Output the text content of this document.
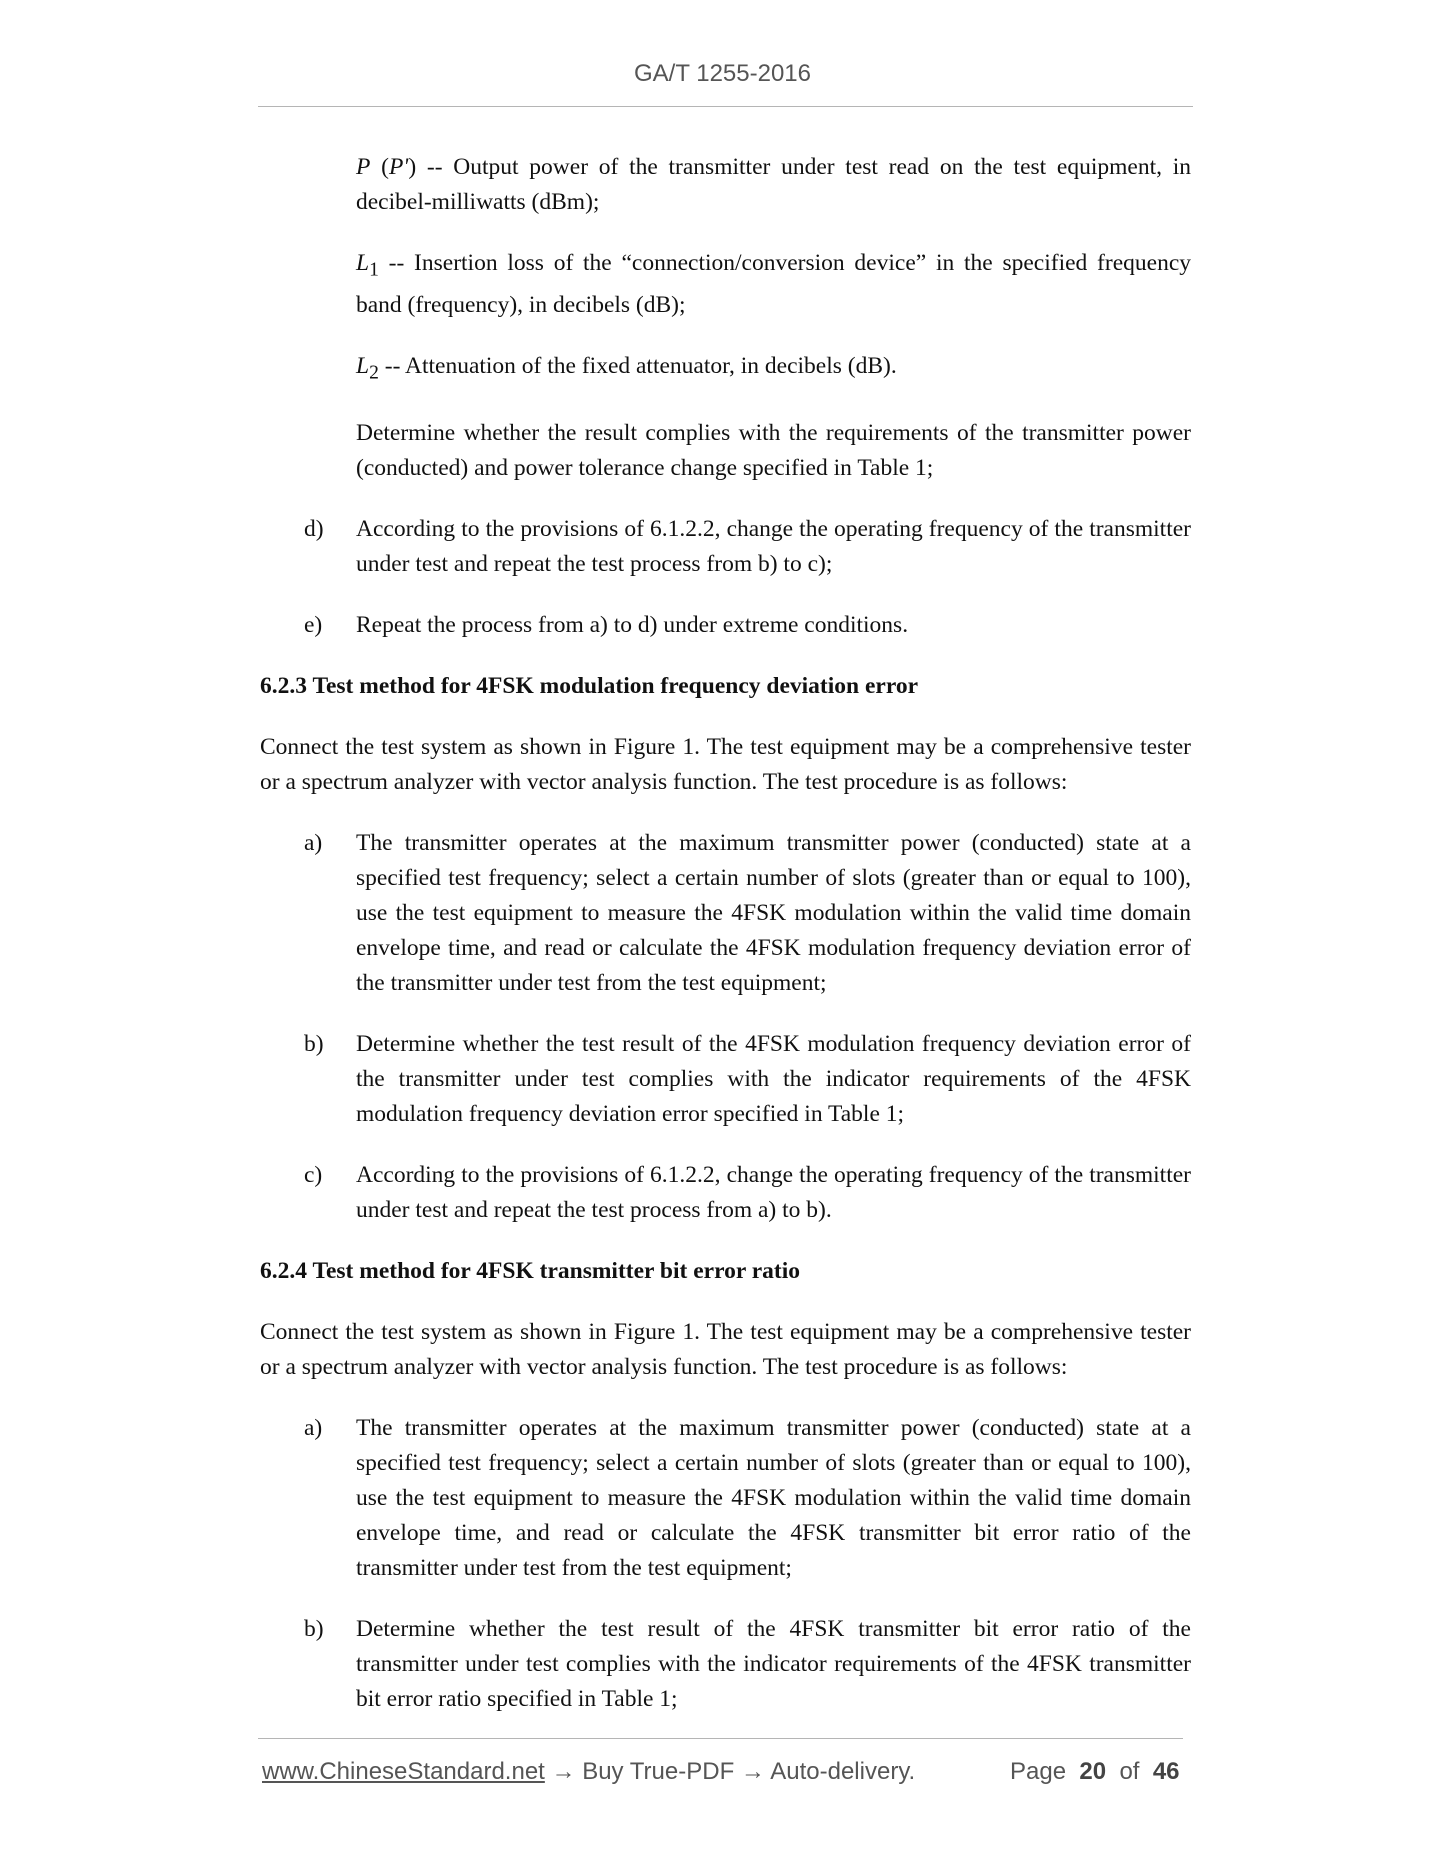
GA/T 1255-2016

P (P') -- Output power of the transmitter under test read on the test equipment, in decibel-milliwatts (dBm);

$L_1$ -- Insertion loss of the “connection/conversion device” in the specified frequency band (frequency), in decibels (dB);

$L_2$ -- Attenuation of the fixed attenuator, in decibels (dB).

Determine whether the result complies with the requirements of the transmitter power (conducted) and power tolerance change specified in Table 1;

d) According to the provisions of 6.1.2.2, change the operating frequency of the transmitter under test and repeat the test process from b) to c);
e) Repeat the process from a) to d) under extreme conditions.

6.2.3 Test method for 4FSK modulation frequency deviation error

Connect the test system as shown in Figure 1. The test equipment may be a comprehensive tester or a spectrum analyzer with vector analysis function. The test procedure is as follows:

a) The transmitter operates at the maximum transmitter power (conducted) state at a specified test frequency; select a certain number of slots (greater than or equal to 100), use the test equipment to measure the 4FSK modulation within the valid time domain envelope time, and read or calculate the 4FSK modulation frequency deviation error of the transmitter under test from the test equipment;
b) Determine whether the test result of the 4FSK modulation frequency deviation error of the transmitter under test complies with the indicator requirements of the 4FSK modulation frequency deviation error specified in Table 1;
c) According to the provisions of 6.1.2.2, change the operating frequency of the transmitter under test and repeat the test process from a) to b).

6.2.4 Test method for 4FSK transmitter bit error ratio

Connect the test system as shown in Figure 1. The test equipment may be a comprehensive tester or a spectrum analyzer with vector analysis function. The test procedure is as follows:

a) The transmitter operates at the maximum transmitter power (conducted) state at a specified test frequency; select a certain number of slots (greater than or equal to 100), use the test equipment to measure the 4FSK modulation within the valid time domain envelope time, and read or calculate the 4FSK transmitter bit error ratio of the transmitter under test from the test equipment;
b) Determine whether the test result of the 4FSK transmitter bit error ratio of the transmitter under test complies with the indicator requirements of the 4FSK transmitter bit error ratio specified in Table 1;
www.ChineseStandard.net → Buy True-PDF → Auto-delivery.	Page 20 of 46
